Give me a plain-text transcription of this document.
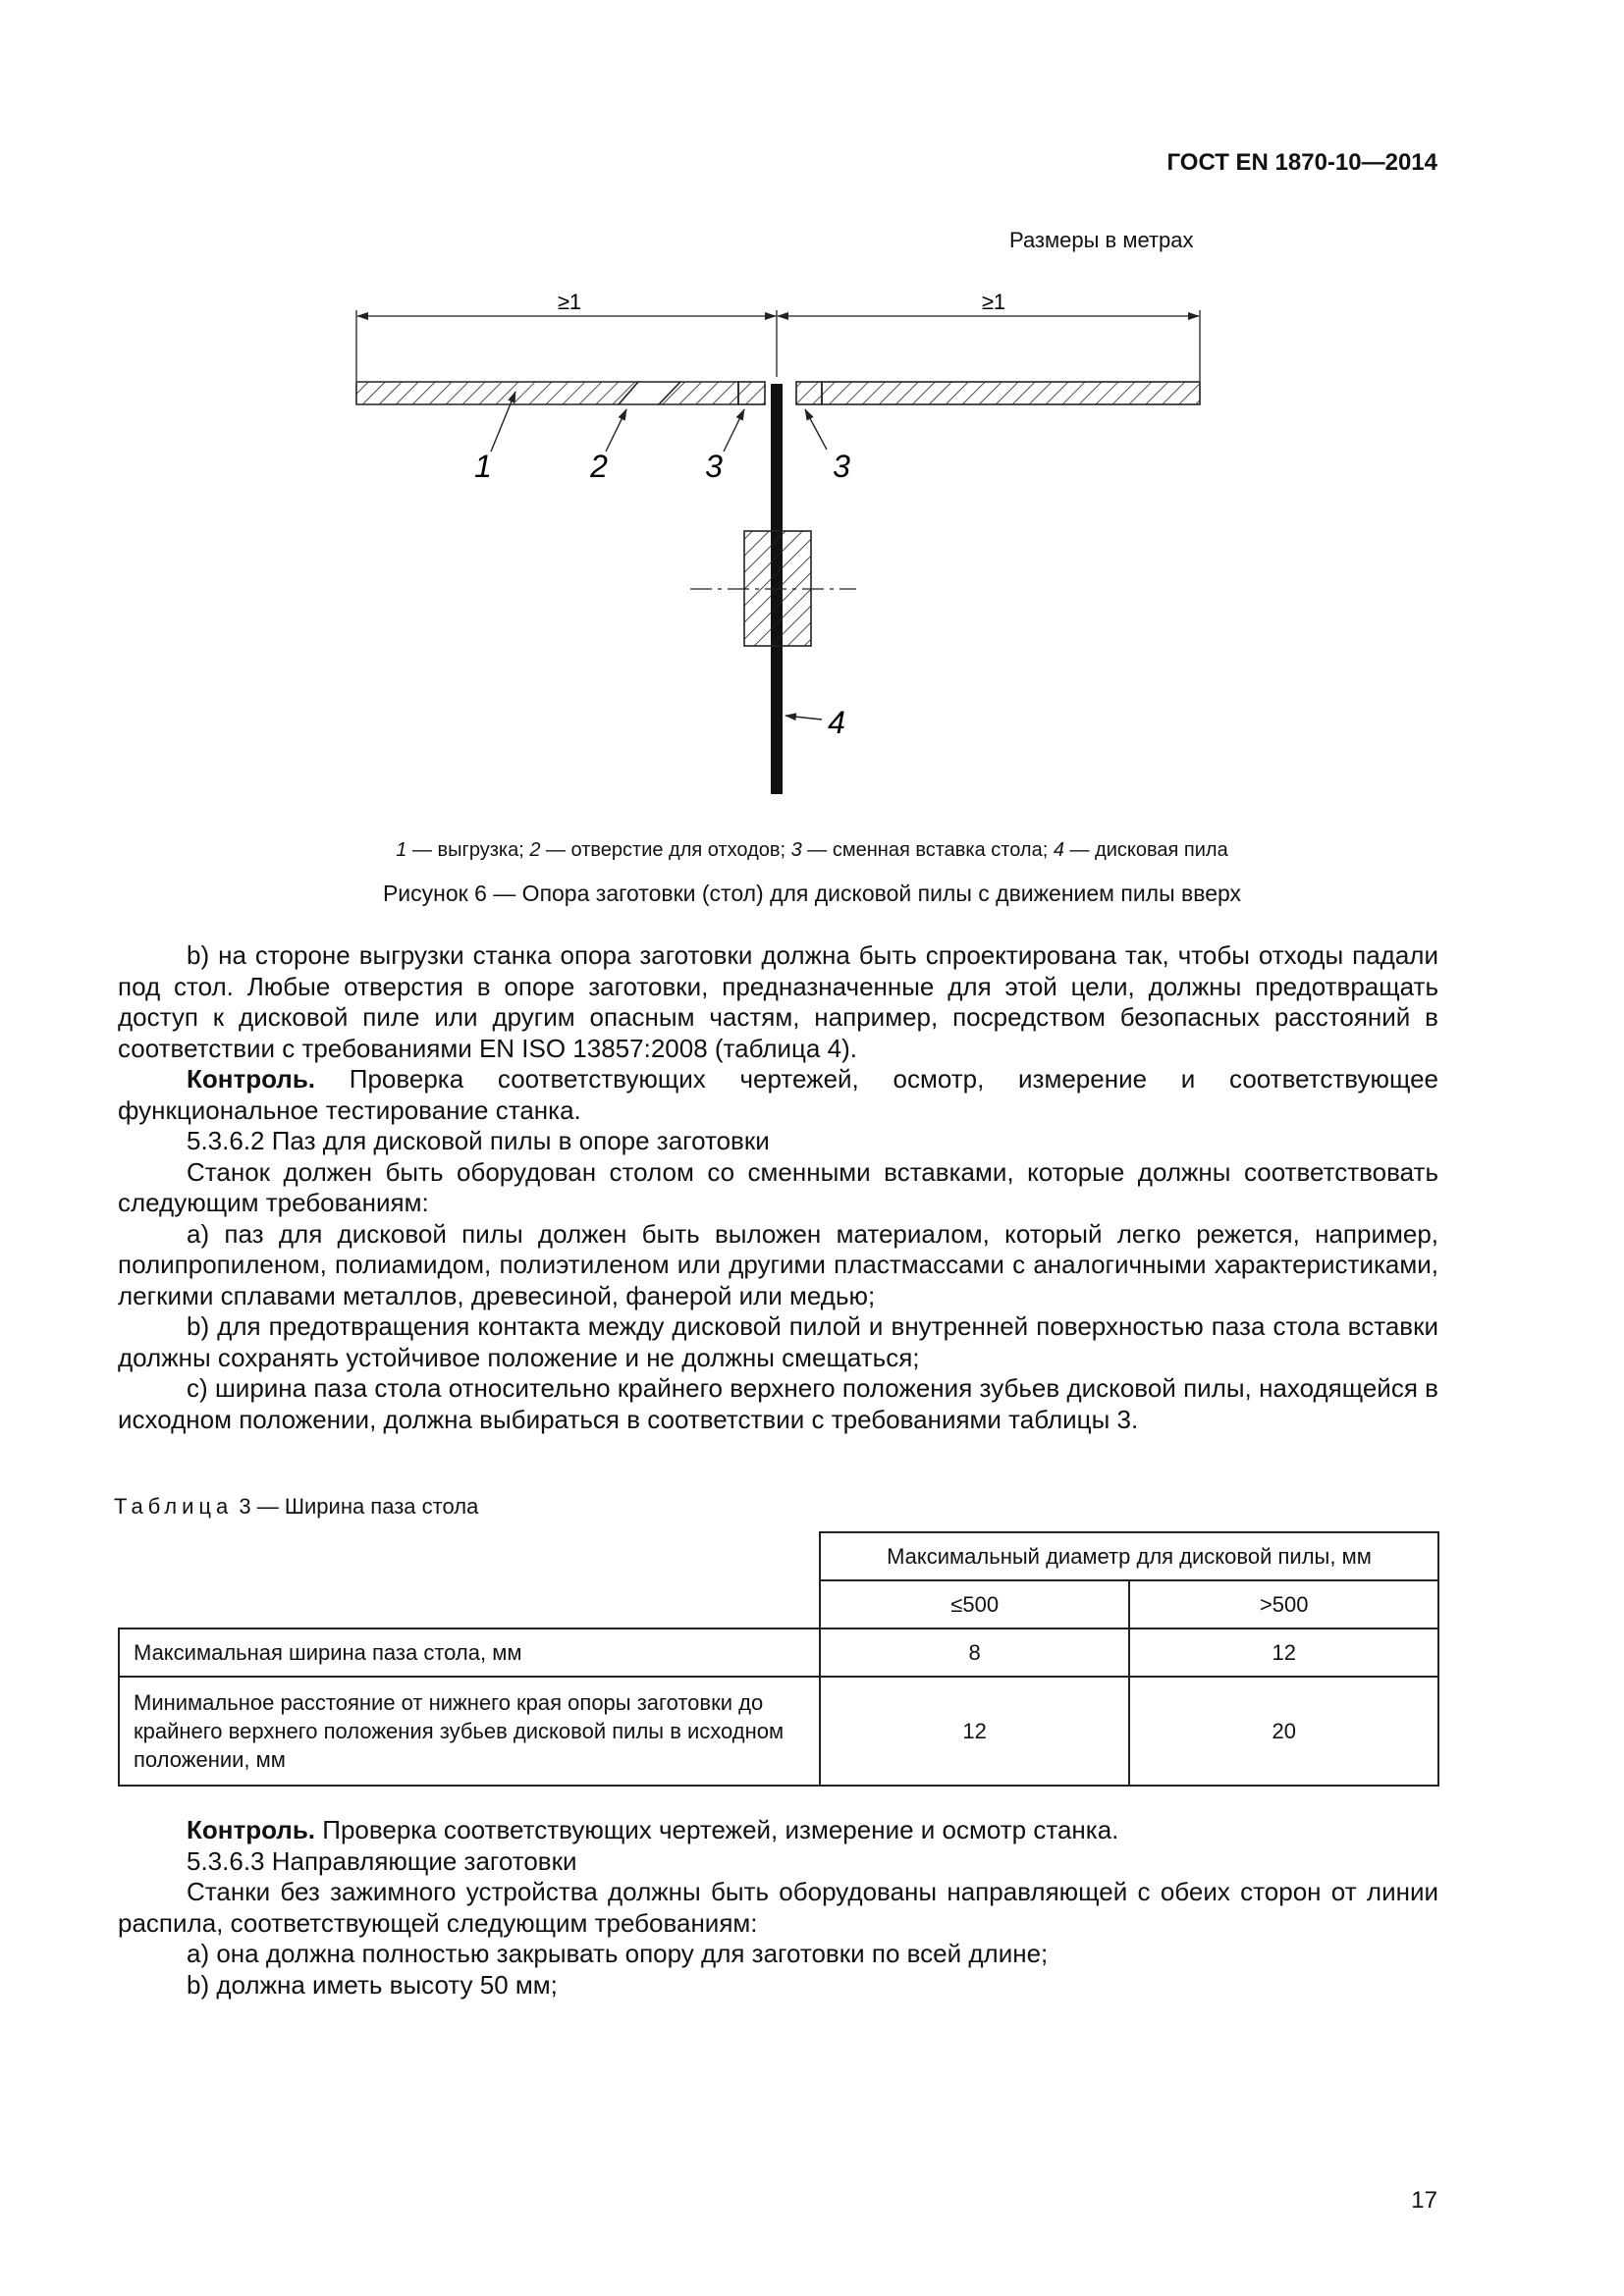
ГОСТ EN 1870-10—2014
Размеры в метрах
≥1	≥1
1	2	3	3
4
1 — выгрузка; 2 — отверстие для отходов; 3 — сменная вставка стола; 4 — дисковая пила
Рисунок 6 — Опора заготовки (стол) для дисковой пилы с движением пилы вверх

b) на стороне выгрузки станка опора заготовки должна быть спроектирована так, чтобы отходы падали под стол. Любые отверстия в опоре заготовки, предназначенные для этой цели, должны предотвращать доступ к дисковой пиле или другим опасным частям, например, посредством безопасных расстояний в соответствии с требованиями EN ISO 13857:2008 (таблица 4).

Контроль. Проверка соответствующих чертежей, осмотр, измерение и соответствующее функциональное тестирование станка.

5.3.6.2 Паз для дисковой пилы в опоре заготовки

Станок должен быть оборудован столом со сменными вставками, которые должны соответствовать следующим требованиям:

a) паз для дисковой пилы должен быть выложен материалом, который легко режется, например, полипропиленом, полиамидом, полиэтиленом или другими пластмассами с аналогичными характеристиками, легкими сплавами металлов, древесиной, фанерой или медью;

b) для предотвращения контакта между дисковой пилой и внутренней поверхностью паза стола вставки должны сохранять устойчивое положение и не должны смещаться;

c) ширина паза стола относительно крайнего верхнего положения зубьев дисковой пилы, находящейся в исходном положении, должна выбираться в соответствии с требованиями таблицы 3.

Таблица 3 — Ширина паза стола
	Максимальный диаметр для дисковой пилы, мм	
	≤500	>500
Максимальная ширина паза стола, мм	8	12
Минимальное расстояние от нижнего края опоры заготовки до крайнего верхнего положения зубьев дисковой пилы в исходном положении, мм	12	20

Контроль. Проверка соответствующих чертежей, измерение и осмотр станка.

5.3.6.3 Направляющие заготовки

Станки без зажимного устройства должны быть оборудованы направляющей с обеих сторон от линии распила, соответствующей следующим требованиям:

a) она должна полностью закрывать опору для заготовки по всей длине;

b) должна иметь высоту 50 мм;

17
